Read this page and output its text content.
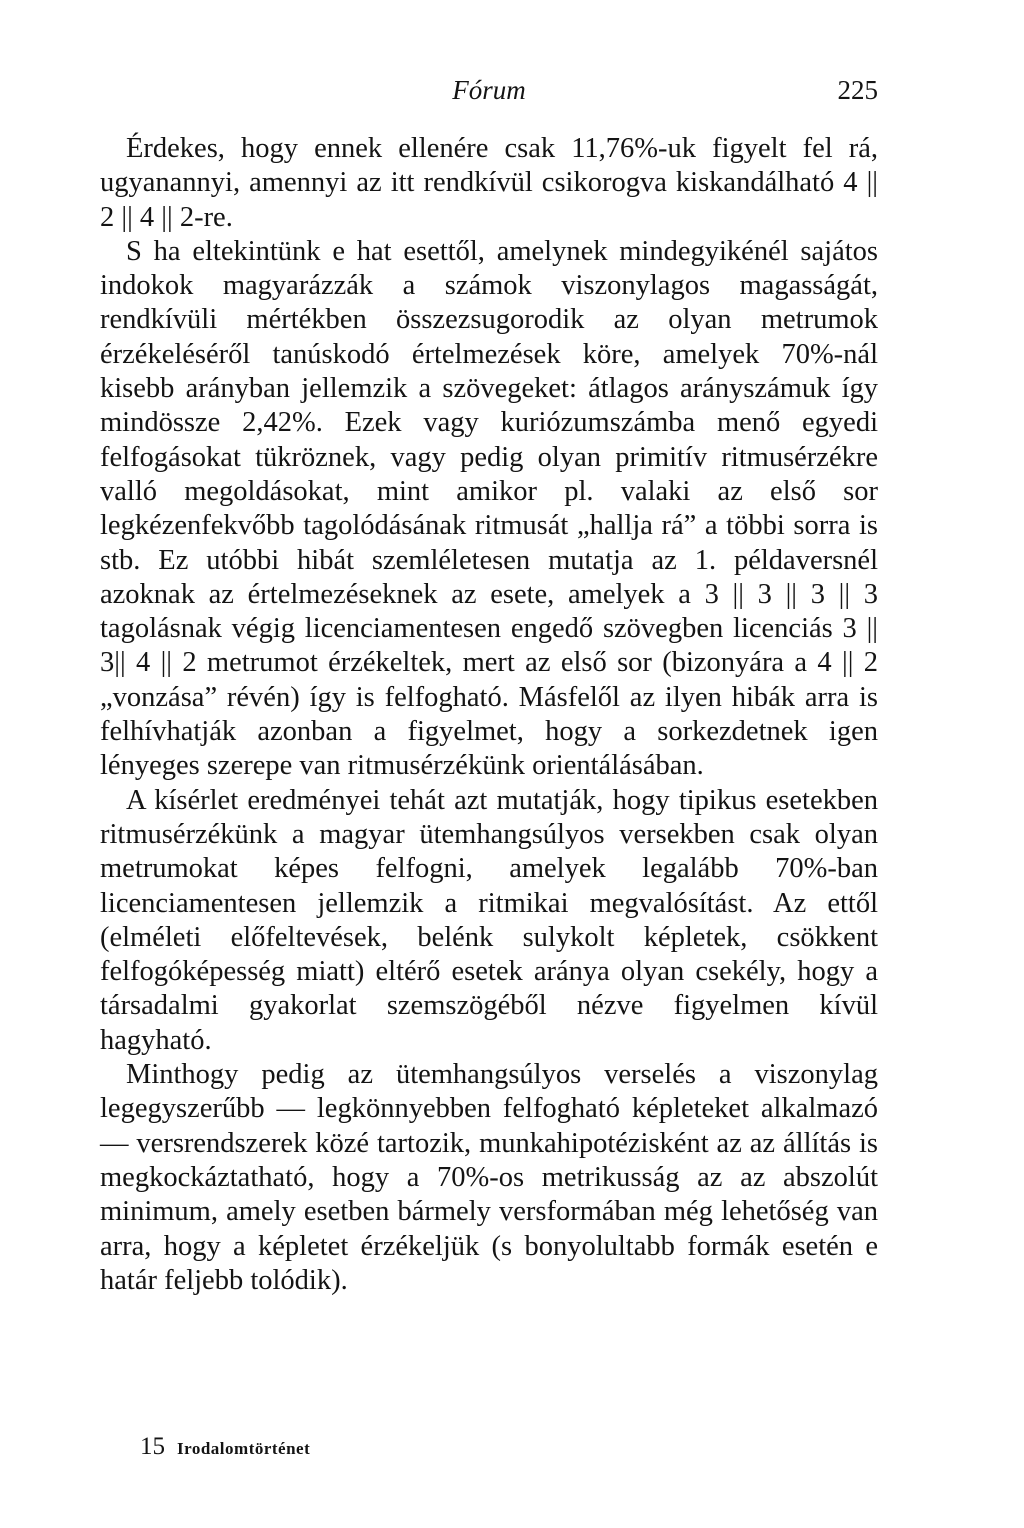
Fórum	225

Érdekes, hogy ennek ellenére csak 11,76%-uk figyelt fel rá, ugyanannyi, amennyi az itt rendkívül csikorogva kiskandálható 4 || 2 || 4 || 2-re.

S ha eltekintünk e hat esettől, amelynek mindegyikénél sajátos indokok magyarázzák a számok viszonylagos magasságát, rendkívüli mértékben összezsugorodik az olyan metrumok érzékeléséről tanúskodó értelmezések köre, amelyek 70%-nál kisebb arányban jellemzik a szövegeket: átlagos arányszámuk így mindössze 2,42%. Ezek vagy kuriózumszámba menő egyedi felfogásokat tükröznek, vagy pedig olyan primitív ritmusérzékre valló megoldásokat, mint amikor pl. valaki az első sor legkézenfekvőbb tagolódásának ritmusát „hallja rá” a többi sorra is stb. Ez utóbbi hibát szemléletesen mutatja az 1. példaversnél azoknak az értelmezéseknek az esete, amelyek a 3 || 3 || 3 || 3 tagolásnak végig licenciamentesen engedő szövegben licenciás 3 || 3|| 4 || 2 metrumot érzékeltek, mert az első sor (bizonyára a 4 || 2 „vonzása” révén) így is felfogható. Másfelől az ilyen hibák arra is felhívhatják azonban a figyelmet, hogy a sorkezdetnek igen lényeges szerepe van ritmusérzékünk orientálásában.

A kísérlet eredményei tehát azt mutatják, hogy tipikus esetekben ritmusérzékünk a magyar ütemhangsúlyos versekben csak olyan metrumokat képes felfogni, amelyek legalább 70%-ban licenciamentesen jellemzik a ritmikai megvalósítást. Az ettől (elméleti előfeltevések, belénk sulykolt képletek, csökkent felfogóképesség miatt) eltérő esetek aránya olyan csekély, hogy a társadalmi gyakorlat szemszögéből nézve figyelmen kívül hagyható.

Minthogy pedig az ütemhangsúlyos verselés a viszonylag legegyszerűbb — legkönnyebben felfogható képleteket alkalmazó — versrendszerek közé tartozik, munkahipotézisként az az állítás is megkockáztatható, hogy a 70%-os metrikusság az az abszolút minimum, amely esetben bármely versformában még lehetőség van arra, hogy a képletet érzékeljük (s bonyolultabb formák esetén e határ feljebb tolódik).

15 Irodalomtörténet
